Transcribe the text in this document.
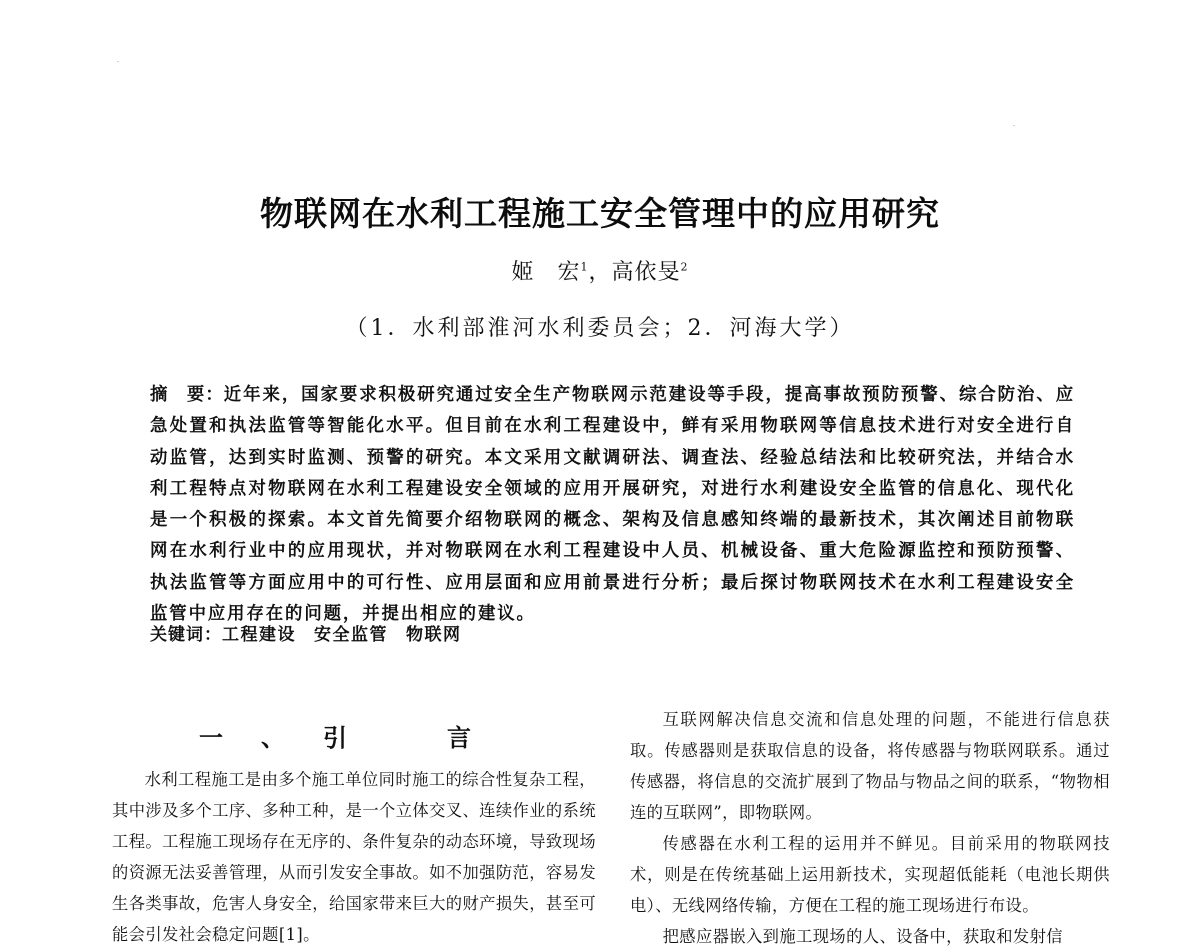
物联网在水利工程施工安全管理中的应用研究
姬　宏$^1$，高依旻$^2$
（1．水利部淮河水利委员会；2．河海大学）
摘　要：近年来，国家要求积极研究通过安全生产物联网示范建设等手段，提高事故预防预警、综合防治、应急处置和执法监管等智能化水平。但目前在水利工程建设中，鲜有采用物联网等信息技术进行对安全进行自动监管，达到实时监测、预警的研究。本文采用文献调研法、调查法、经验总结法和比较研究法，并结合水利工程特点对物联网在水利工程建设安全领域的应用开展研究，对进行水利建设安全监管的信息化、现代化是一个积极的探索。本文首先简要介绍物联网的概念、架构及信息感知终端的最新技术，其次阐述目前物联网在水利行业中的应用现状，并对物联网在水利工程建设中人员、机械设备、重大危险源监控和预防预警、执法监管等方面应用中的可行性、应用层面和应用前景进行分析；最后探讨物联网技术在水利工程建设安全监管中应用存在的问题，并提出相应的建议。
关键词：工程建设 安全监管 物联网
一、引　言

水利工程施工是由多个施工单位同时施工的综合性复杂工程，其中涉及多个工序、多种工种，是一个立体交叉、连续作业的系统工程。工程施工现场存在无序的、条件复杂的动态环境，导致现场的资源无法妥善管理，从而引发安全事故。如不加强防范，容易发生各类事故，危害人身安全，给国家带来巨大的财产损失，甚至可能会引发社会稳定问题[1]。

互联网解决信息交流和信息处理的问题，不能进行信息获取。传感器则是获取信息的设备，将传感器与物联网联系。通过传感器，将信息的交流扩展到了物品与物品之间的联系，“物物相连的互联网”，即物联网。

传感器在水利工程的运用并不鲜见。目前采用的物联网技术，则是在传统基础上运用新技术，实现超低能耗（电池长期供电）、无线网络传输，方便在工程的施工现场进行布设。

把感应器嵌入到施工现场的人、设备中，获取和发射信
